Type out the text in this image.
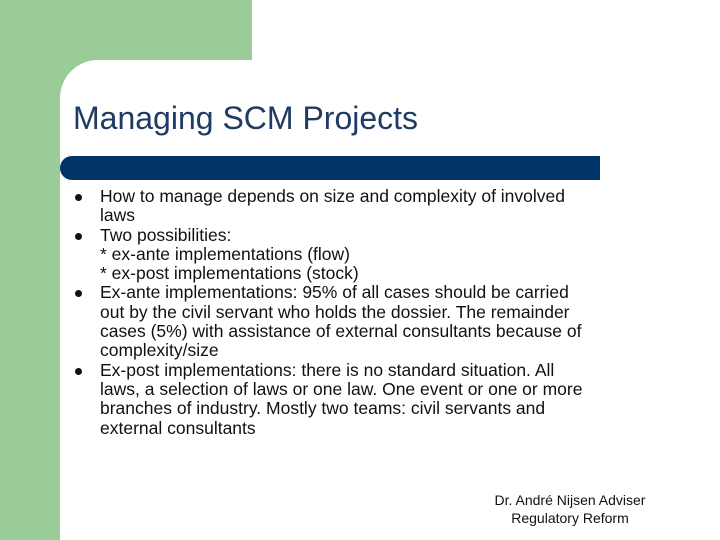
Managing SCM Projects
How to manage depends on size and complexity of involved
laws
Two possibilities:
* ex-ante implementations (flow)
* ex-post implementations (stock)
Ex-ante implementations: 95% of all cases should be carried
out by the civil servant who holds the dossier. The remainder
cases (5%) with assistance of external consultants because of
complexity/size
Ex-post implementations: there is no standard situation. All
laws, a selection of laws or one law. One event or one or more
branches of industry. Mostly two teams: civil servants and
external consultants
Dr. André Nijsen Adviser
Regulatory Reform
